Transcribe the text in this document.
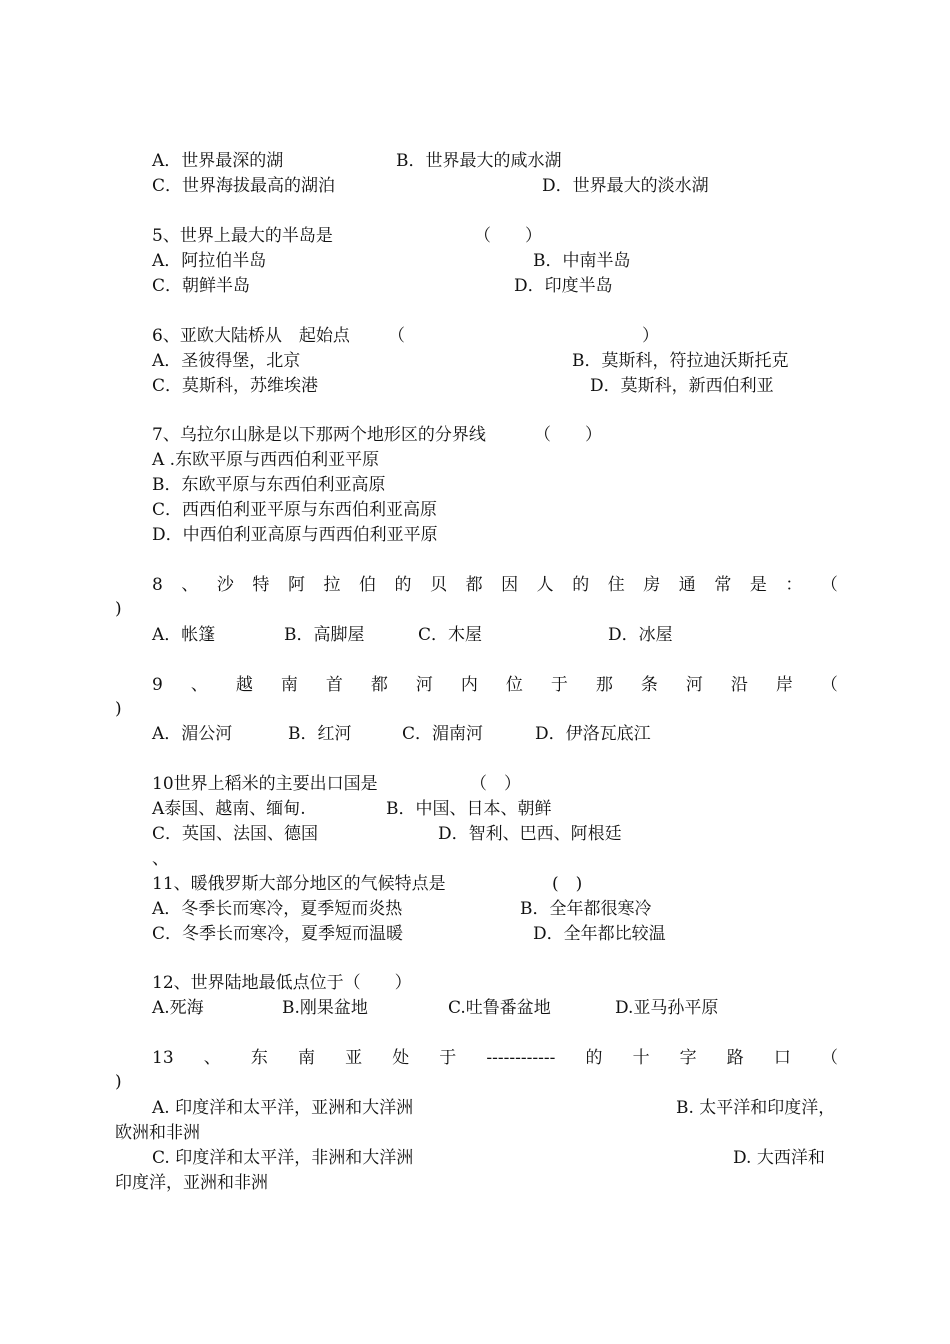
A．世界最深的湖	B．世界最大的咸水湖
C．世界海拔最高的湖泊	D．世界最大的淡水湖
5、世界上最大的半岛是	（　　）
A．阿拉伯半岛	B．中南半岛
C．朝鲜半岛	D．印度半岛
6、亚欧大陆桥从　起始点 （	）
A．圣彼得堡，北京	B．莫斯科，符拉迪沃斯托克
C．莫斯科，苏维埃港	D．莫斯科，新西伯利亚
7、乌拉尔山脉是以下那两个地形区的分界线	（　　）
A .东欧平原与西西伯利亚平原
B．东欧平原与东西伯利亚高原
C．西西伯利亚平原与东西伯利亚高原
D．中西伯利亚高原与西西伯利亚平原
8 、 沙 特 阿 拉 伯 的 贝 都 因 人 的 住 房 通 常 是 ： （
)
A．帐篷	B．高脚屋	C．木屋	D．冰屋
9 、 越 南 首 都 河 内 位 于 那 条 河 沿 岸 （
)
A．湄公河	B．红河	C．湄南河	D．伊洛瓦底江
10世界上稻米的主要出口国是	（　）
A泰国、越南、缅甸.	B．中国、日本、朝鲜
C．英国、法国、德国	D．智利、巴西、阿根廷
、
11、暖俄罗斯大部分地区的气候特点是	(　)
A．冬季长而寒冷，夏季短而炎热	B．全年都很寒冷
C．冬季长而寒冷，夏季短而温暖	D．全年都比较温
12、世界陆地最低点位于（　　）
A.死海	B.刚果盆地	C.吐鲁番盆地	D.亚马孙平原
13 、 东 南 亚 处 于 ------------ 的 十 字 路 口 （
)
A. 印度洋和太平洋，亚洲和大洋洲	B. 太平洋和印度洋，
欧洲和非洲
C. 印度洋和太平洋，非洲和大洋洲	D. 大西洋和
印度洋，亚洲和非洲
